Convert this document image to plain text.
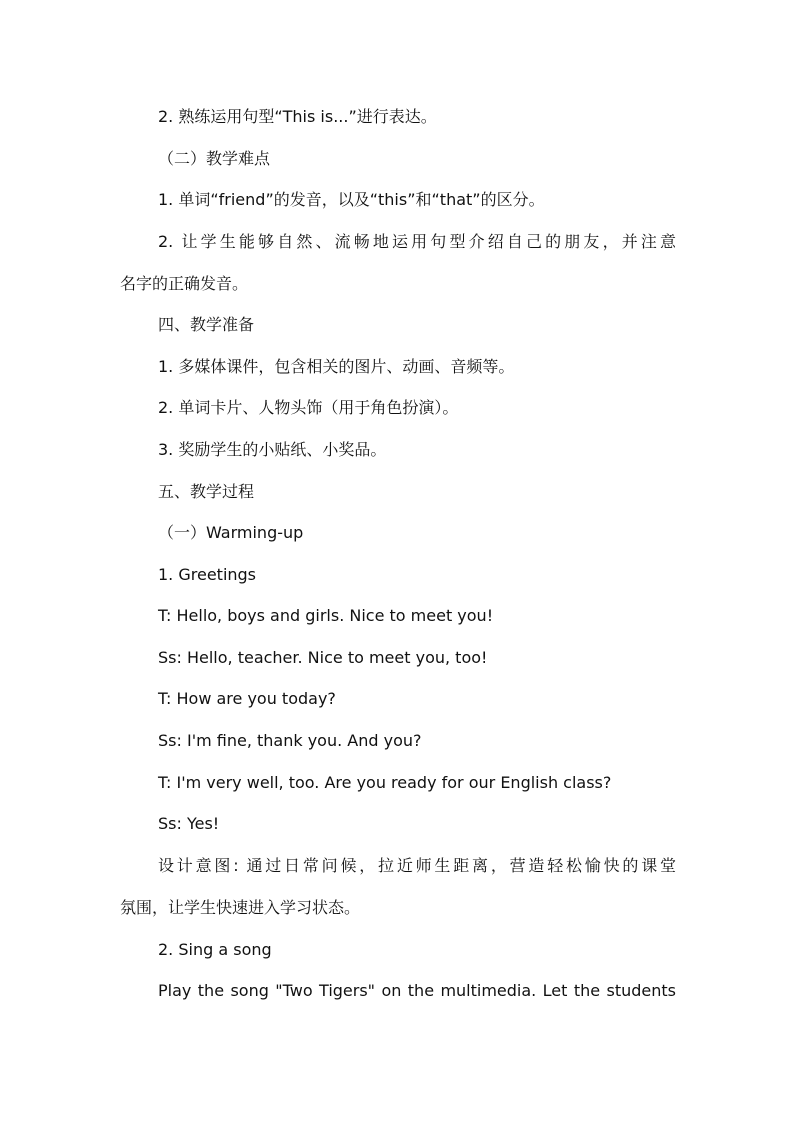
2. 熟练运用句型“This is...”进行表达。
（二）教学难点
1. 单词“friend”的发音，以及“this”和“that”的区分。
2. 让学生能够自然、流畅地运用句型介绍自己的朋友，并注意
名字的正确发音。
四、教学准备
1. 多媒体课件，包含相关的图片、动画、音频等。
2. 单词卡片、人物头饰（用于角色扮演）。
3. 奖励学生的小贴纸、小奖品。
五、教学过程
（一）Warming-up
1. Greetings
T: Hello, boys and girls. Nice to meet you!
Ss: Hello, teacher. Nice to meet you, too!
T: How are you today?
Ss: I'm fine, thank you. And you?
T: I'm very well, too. Are you ready for our English class?
Ss: Yes!
设计意图: 通过日常问候，拉近师生距离，营造轻松愉快的课堂
氛围，让学生快速进入学习状态。
2. Sing a song
Play the song "Two Tigers" on the multimedia. Let the students
